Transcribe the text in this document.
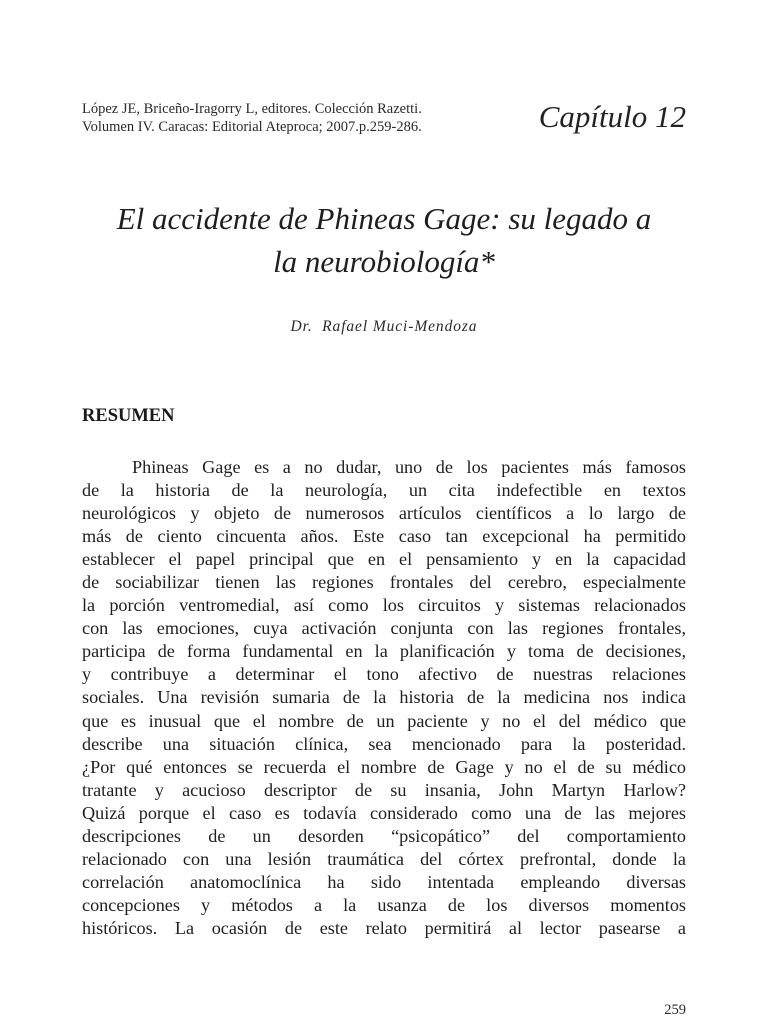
López JE, Briceño-Iragorry L, editores. Colección Razetti.
Volumen IV. Caracas: Editorial Ateproca; 2007.p.259-286.	Capítulo 12
El accidente de Phineas Gage: su legado a
la neurobiología*
Dr.  Rafael Muci-Mendoza
RESUMEN
Phineas Gage es a no dudar, uno de los pacientes más famosos
de la historia de la neurología, un cita indefectible en textos
neurológicos y objeto de numerosos artículos científicos a lo largo de
más de ciento cincuenta años. Este caso tan excepcional ha permitido
establecer el papel principal que en el pensamiento y en la capacidad
de sociabilizar tienen las regiones frontales del cerebro, especialmente
la porción ventromedial, así como los circuitos y sistemas relacionados
con las emociones, cuya activación conjunta con las regiones frontales,
participa de forma fundamental en la planificación y toma de decisiones,
y contribuye a determinar el tono afectivo de nuestras relaciones
sociales. Una revisión sumaria de la historia de la medicina nos indica
que es inusual que el nombre de un paciente y no el del médico que
describe una situación clínica, sea mencionado para la posteridad.
¿Por qué entonces se recuerda el nombre de Gage y no el de su médico
tratante y acucioso descriptor de su insania, John Martyn Harlow?
Quizá porque el caso es todavía considerado como una de las mejores
descripciones de un desorden “psicopático” del comportamiento
relacionado con una lesión traumática del córtex prefrontal, donde la
correlación anatomoclínica ha sido intentada empleando diversas
concepciones y métodos a la usanza de los diversos momentos
históricos. La ocasión de este relato permitirá al lector pasearse a
259
